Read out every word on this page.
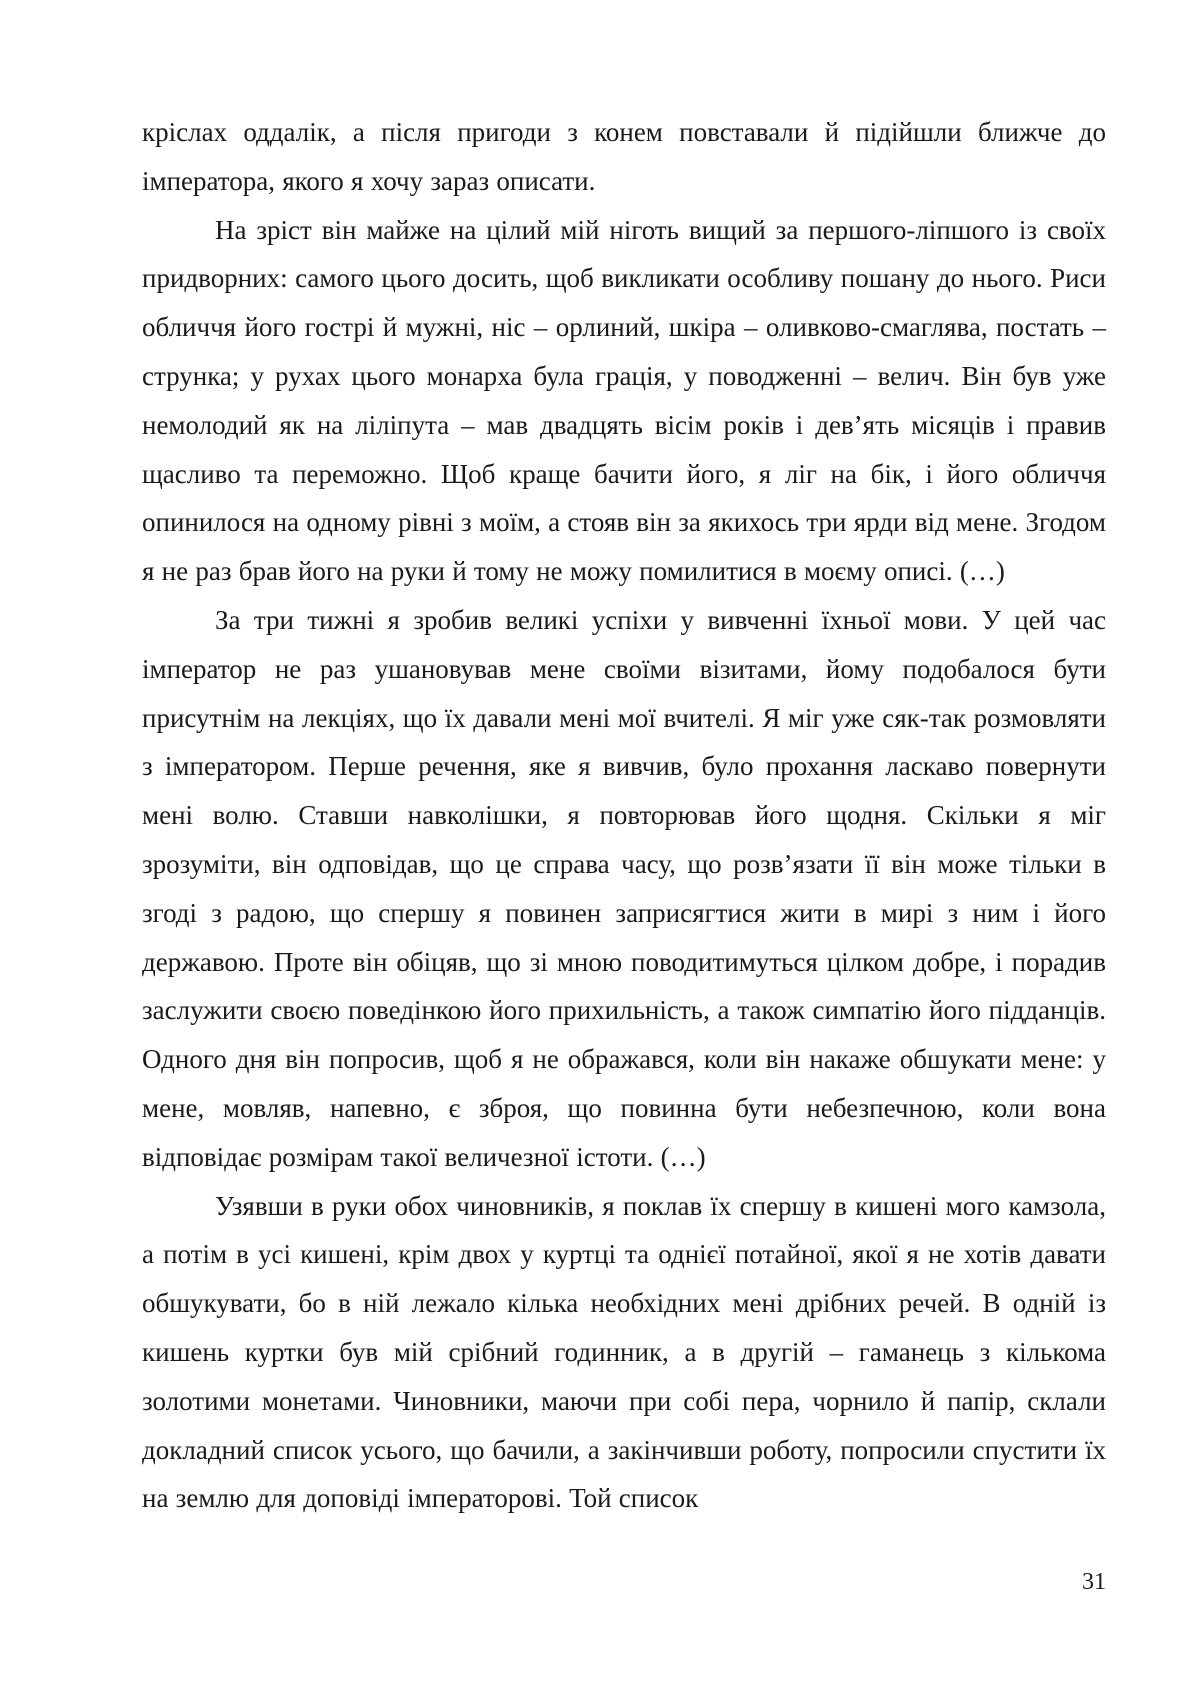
кріслах оддалік, а після пригоди з конем повставали й підійшли ближче до імператора, якого я хочу зараз описати.

На зріст він майже на цілий мій ніготь вищий за першого-ліпшого із своїх придворних: самого цього досить, щоб викликати особливу пошану до нього. Риси обличчя його гострі й мужні, ніс – орлиний, шкіра – оливково-смаглява, постать – струнка; у рухах цього монарха була грація, у поводженні – велич. Він був уже немолодий як на ліліпута – мав двадцять вісім років і дев’ять місяців і правив щасливо та переможно. Щоб краще бачити його, я ліг на бік, і його обличчя опинилося на одному рівні з моїм, а стояв він за якихось три ярди від мене. Згодом я не раз брав його на руки й тому не можу помилитися в моєму описі. (…)

За три тижні я зробив великі успіхи у вивченні їхньої мови. У цей час імператор не раз ушановував мене своїми візитами, йому подобалося бути присутнім на лекціях, що їх давали мені мої вчителі. Я міг уже сяк-так розмовляти з імператором. Перше речення, яке я вивчив, було прохання ласкаво повернути мені волю. Ставши навколішки, я повторював його щодня. Скільки я міг зрозуміти, він одповідав, що це справа часу, що розв’язати її він може тільки в згоді з радою, що спершу я повинен заприсягтися жити в мирі з ним і його державою. Проте він обіцяв, що зі мною поводитимуться цілком добре, і порадив заслужити своєю поведінкою його прихильність, а також симпатію його підданців. Одного дня він попросив, щоб я не ображався, коли він накаже обшукати мене: у мене, мовляв, напевно, є зброя, що повинна бути небезпечною, коли вона відповідає розмірам такої величезної істоти. (…)

Узявши в руки обох чиновників, я поклав їх спершу в кишені мого камзола, а потім в усі кишені, крім двох у куртці та однієї потайної, якої я не хотів давати обшукувати, бо в ній лежало кілька необхідних мені дрібних речей. В одній із кишень куртки був мій срібний годинник, а в другій – гаманець з кількома золотими монетами. Чиновники, маючи при собі пера, чорнило й папір, склали докладний список усього, що бачили, а закінчивши роботу, попросили спустити їх на землю для доповіді імператорові. Той список

31
